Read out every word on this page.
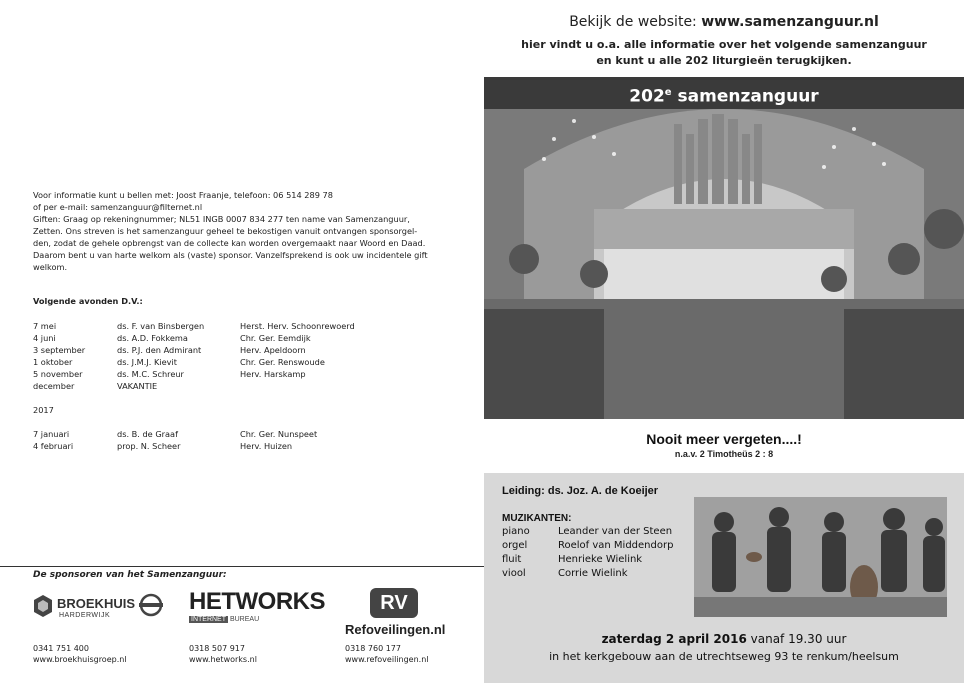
Voor informatie kunt u bellen met: Joost Fraanje, telefoon: 06 514 289 78
of per e-mail: samenzanguur@filternet.nl
Giften: Graag op rekeningnummer; NL51 INGB 0007 834 277 ten name van Samenzanguur,
Zetten. Ons streven is het samenzanguur geheel te bekostigen vanuit ontvangen sponsorgel-
den, zodat de gehele opbrengst van de collecte kan worden overgemaakt naar Woord en Daad.
Daarom bent u van harte welkom als (vaste) sponsor. Vanzelfsprekend is ook uw incidentele gift
welkom.
Volgende avonden D.V.:
7 mei	ds. F. van Binsbergen	Herst. Herv. Schoonrewoerd
4 juni	ds. A.D. Fokkema	Chr. Ger. Eemdijk
3 september	ds. P.J. den Admirant	Herv. Apeldoorn
1 oktober	ds. J.M.J. Kievit	Chr. Ger. Renswoude
5 november	ds. M.C. Schreur	Herv. Harskamp
december	VAKANTIE
2017
7 januari	ds. B. de Graaf	Chr. Ger. Nunspeet
4 februari	prop. N. Scheer	Herv. Huizen
De sponsoren van het Samenzanguur:
BROEKHUIS
HARDERWIJK
0341 751 400
www.broekhuisgroep.nl
HETWORKS
INTERNET BUREAU
0318 507 917
www.hetworks.nl
RV
Refoveilingen.nl
0318 760 177
www.refoveilingen.nl
Bekijk de website: www.samenzanguur.nl
hier vindt u o.a. alle informatie over het volgende samenzanguur
en kunt u alle 202 liturgieën terugkijken.
202e samenzanguur
Nooit meer vergeten....!
n.a.v. 2 Timotheüs 2 : 8
Leiding: ds. Joz. A. de Koeijer
MUZIKANTEN:
piano	Leander van der Steen
orgel	Roelof van Middendorp
fluit	Henrieke Wielink
viool	Corrie Wielink
zaterdag 2 april 2016 vanaf 19.30 uur
in het kerkgebouw aan de utrechtseweg 93 te renkum/heelsum
